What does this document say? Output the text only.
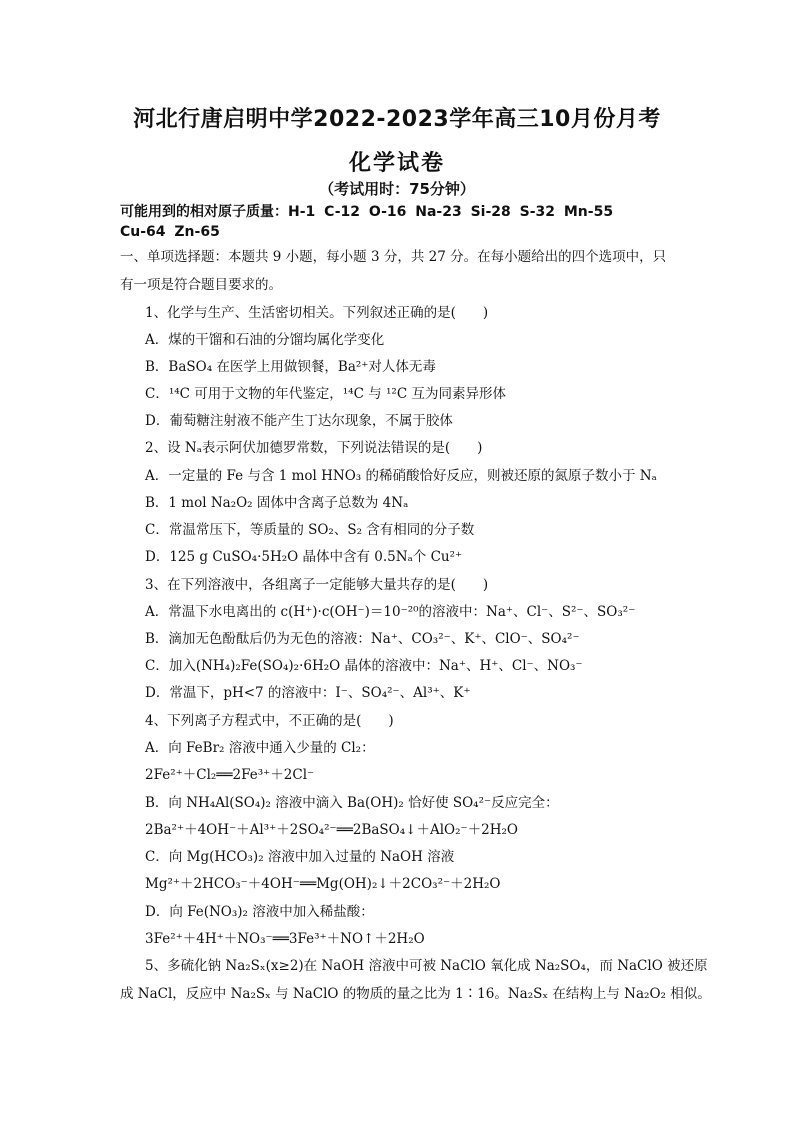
河北行唐启明中学2022-2023学年高三10月份月考
化学试卷
（考试用时：75分钟）
可能用到的相对原子质量：H-1 C-12 O-16 Na-23 Si-28 S-32 Mn-55
Cu-64 Zn-65
一、单项选择题：本题共 9 小题，每小题 3 分，共 27 分。在每小题给出的四个选项中，只
有一项是符合题目要求的。
1、化学与生产、生活密切相关。下列叙述正确的是(　　)
A．煤的干馏和石油的分馏均属化学变化
B．BaSO₄ 在医学上用做钡餐，Ba²⁺对人体无毒
C．¹⁴C 可用于文物的年代鉴定，¹⁴C 与 ¹²C 互为同素异形体
D．葡萄糖注射液不能产生丁达尔现象，不属于胶体
2、设 Nₐ表示阿伏加德罗常数，下列说法错误的是(　　)
A．一定量的 Fe 与含 1 mol HNO₃ 的稀硝酸恰好反应，则被还原的氮原子数小于 Nₐ
B．1 mol Na₂O₂ 固体中含离子总数为 4Nₐ
C．常温常压下，等质量的 SO₂、S₂ 含有相同的分子数
D．125 g CuSO₄·5H₂O 晶体中含有 0.5Nₐ个 Cu²⁺
3、在下列溶液中，各组离子一定能够大量共存的是(　　)
A．常温下水电离出的 c(H⁺)·c(OH⁻)＝10⁻²⁰的溶液中：Na⁺、Cl⁻、S²⁻、SO₃²⁻
B．滴加无色酚酞后仍为无色的溶液：Na⁺、CO₃²⁻、K⁺、ClO⁻、SO₄²⁻
C．加入(NH₄)₂Fe(SO₄)₂·6H₂O 晶体的溶液中：Na⁺、H⁺、Cl⁻、NO₃⁻
D．常温下，pH<7 的溶液中：I⁻、SO₄²⁻、Al³⁺、K⁺
4、下列离子方程式中，不正确的是(　　)
A．向 FeBr₂ 溶液中通入少量的 Cl₂：
2Fe²⁺＋Cl₂══2Fe³⁺＋2Cl⁻
B．向 NH₄Al(SO₄)₂ 溶液中滴入 Ba(OH)₂ 恰好使 SO₄²⁻反应完全：
2Ba²⁺＋4OH⁻＋Al³⁺＋2SO₄²⁻══2BaSO₄↓＋AlO₂⁻＋2H₂O
C．向 Mg(HCO₃)₂ 溶液中加入过量的 NaOH 溶液
Mg²⁺＋2HCO₃⁻＋4OH⁻══Mg(OH)₂↓＋2CO₃²⁻＋2H₂O
D．向 Fe(NO₃)₂ 溶液中加入稀盐酸：
3Fe²⁺＋4H⁺＋NO₃⁻══3Fe³⁺＋NO↑＋2H₂O
5、多硫化钠 Na₂Sₓ(x≥2)在 NaOH 溶液中可被 NaClO 氧化成 Na₂SO₄，而 NaClO 被还原
成 NaCl，反应中 Na₂Sₓ 与 NaClO 的物质的量之比为 1∶16。Na₂Sₓ 在结构上与 Na₂O₂ 相似。
